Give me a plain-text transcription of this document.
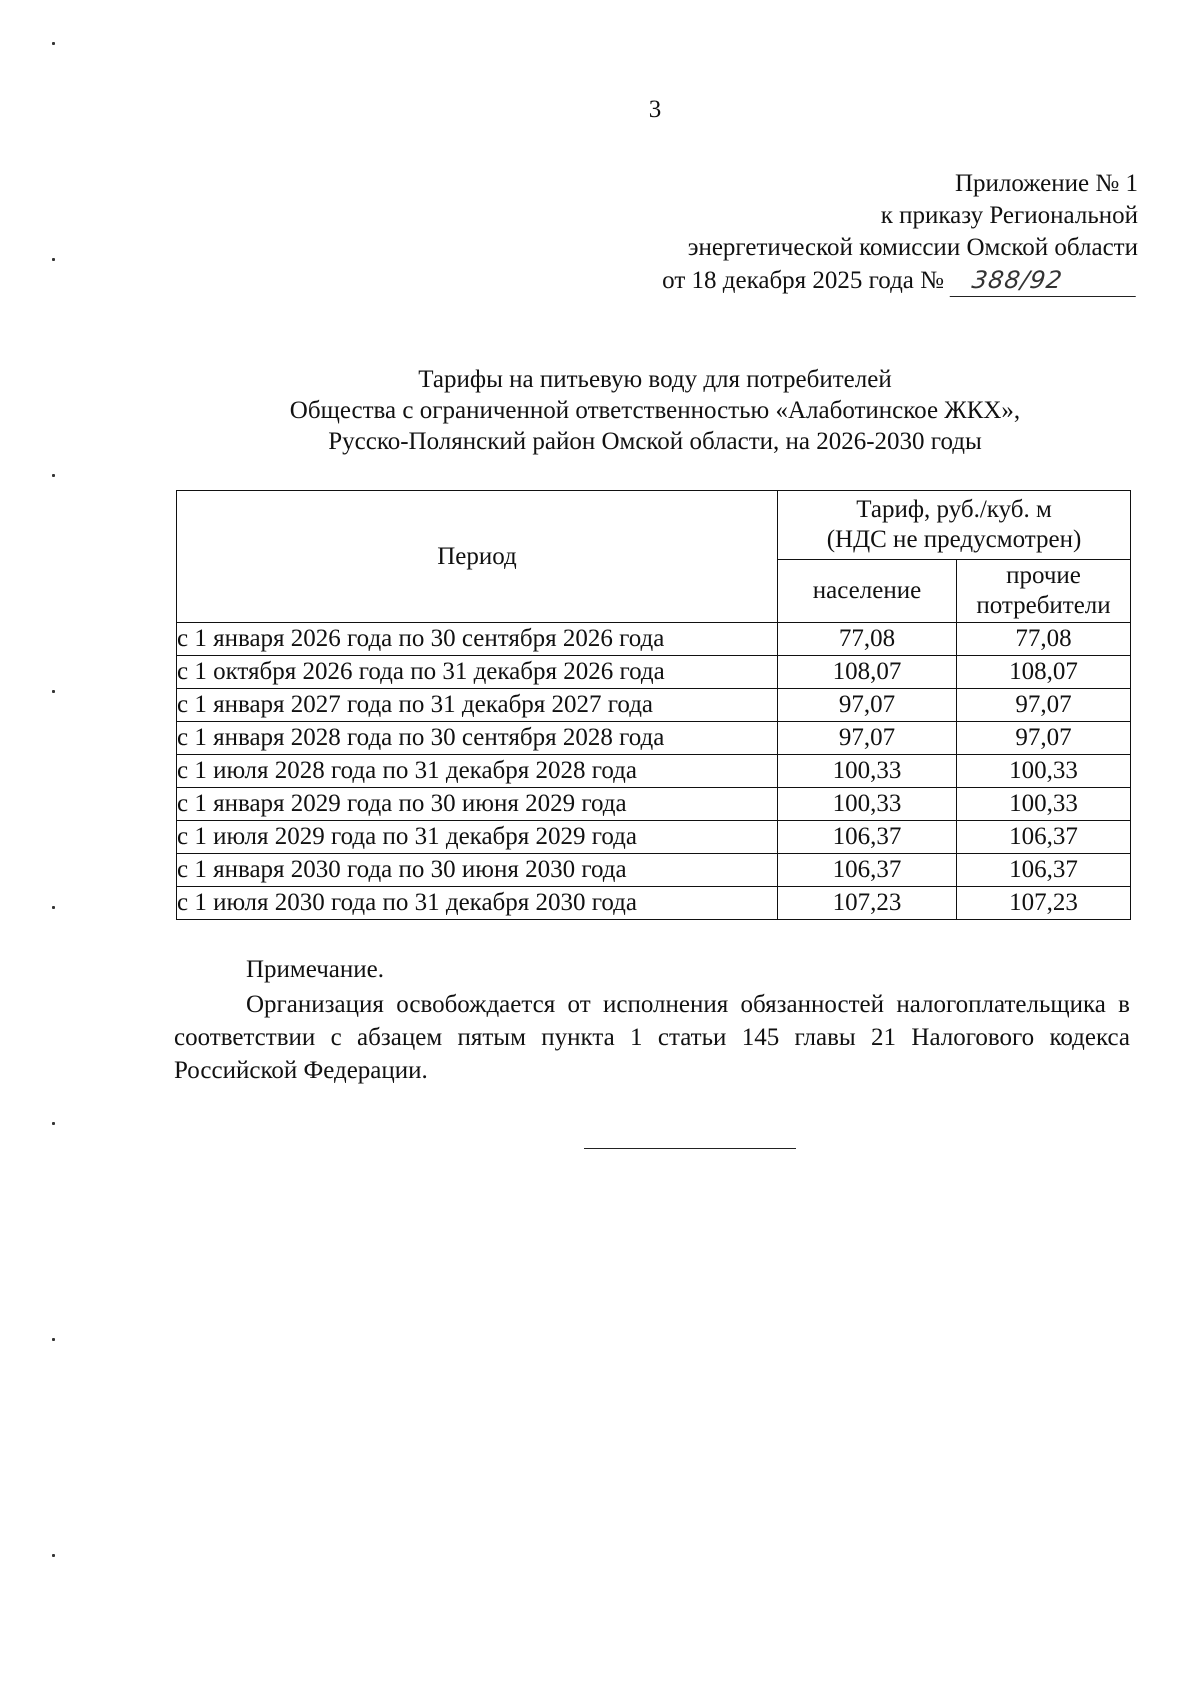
3
Приложение № 1
к приказу Региональной
энергетической комиссии Омской области
от 18 декабря 2025 года №	388/92
Тарифы на питьевую воду для потребителей
Общества с ограниченной ответственностью «Алаботинское ЖКХ»,
Русско-Полянский район Омской области, на 2026-2030 годы
Период	Тариф, руб./куб. м
(НДС не предусмотрен)	

	население	прочие
потребители

с 1 января 2026 года по 30 сентября 2026 года	77,08	77,08
с 1 октября 2026 года по 31 декабря 2026 года	108,07	108,07
с 1 января 2027 года по 31 декабря 2027 года	97,07	97,07
с 1 января 2028 года по 30 сентября 2028 года	97,07	97,07
с 1 июля 2028 года по 31 декабря 2028 года	100,33	100,33
с 1 января 2029 года по 30 июня 2029 года	100,33	100,33
с 1 июля 2029 года по 31 декабря 2029 года	106,37	106,37
с 1 января 2030 года по 30 июня 2030 года	106,37	106,37
с 1 июля 2030 года по 31 декабря 2030 года	107,23	107,23
Примечание.
Организация освобождается от исполнения обязанностей налогоплательщика в соответствии с абзацем пятым пункта 1 статьи 145 главы 21 Налогового кодекса Российской Федерации.
